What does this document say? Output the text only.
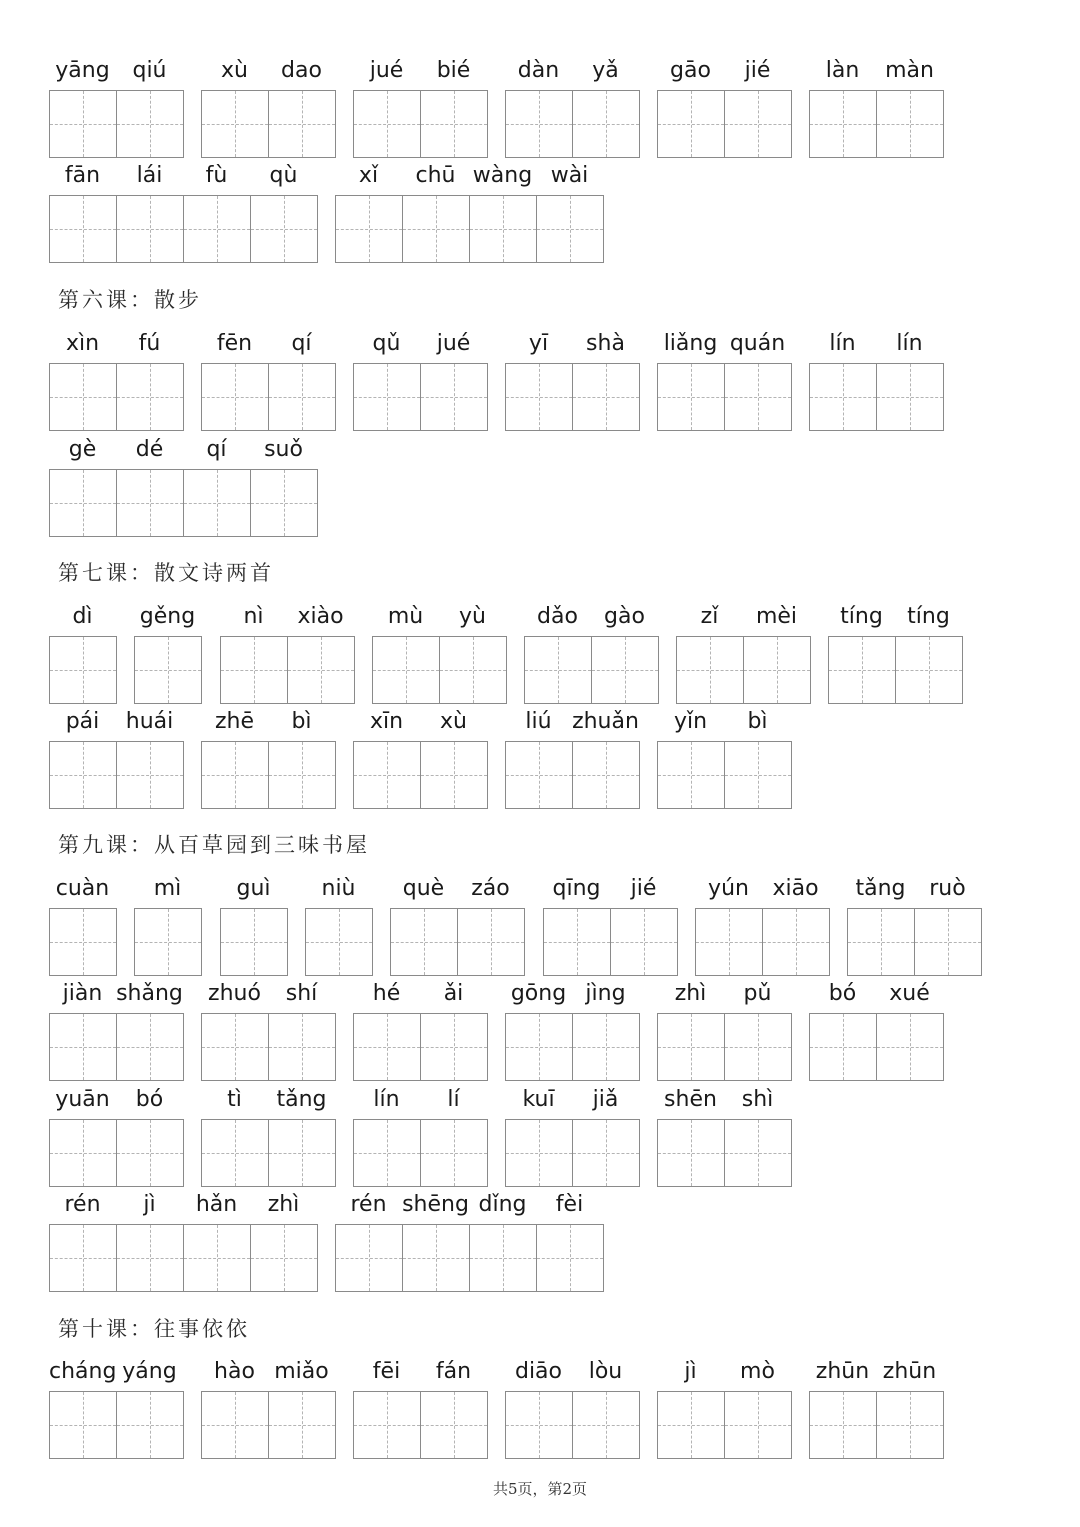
第六课：散步
第七课：散文诗两首
第九课：从百草园到三味书屋
第十课：往事依依
共5页，第2页
yāng	qiú	xù	dao	jué	bié	dàn	yǎ	gāo	jié	làn	màn
fān	lái	fù	qù	xǐ	chū wàng wài
xìn	fú	fēn	qí	qǔ	jué	yī	shà	liǎng quán	lín	lín
gè	dé	qí	suǒ
dì	gěng	nì	xiào	mù	yù	dǎo	gào	zǐ	mèi	tíng	tíng
pái	huái	zhē	bì	xīn	xù	liú zhuǎn	yǐn	bì
cuàn	mì	guì	niù	què	záo	qīng	jié	yún	xiāo	tǎng	ruò
jiàn shǎng	zhuó	shí	hé	ǎi	gōng jìng	zhì	pǔ	bó	xué
yuān	bó	tì	tǎng	lín	lí	kuī	jiǎ	shēn	shì
rén	jì	hǎn	zhì	rén shēng dǐng	fèi
cháng yáng	hào miǎo	fēi	fán	diāo	lòu	jì	mò	zhūn zhūn
